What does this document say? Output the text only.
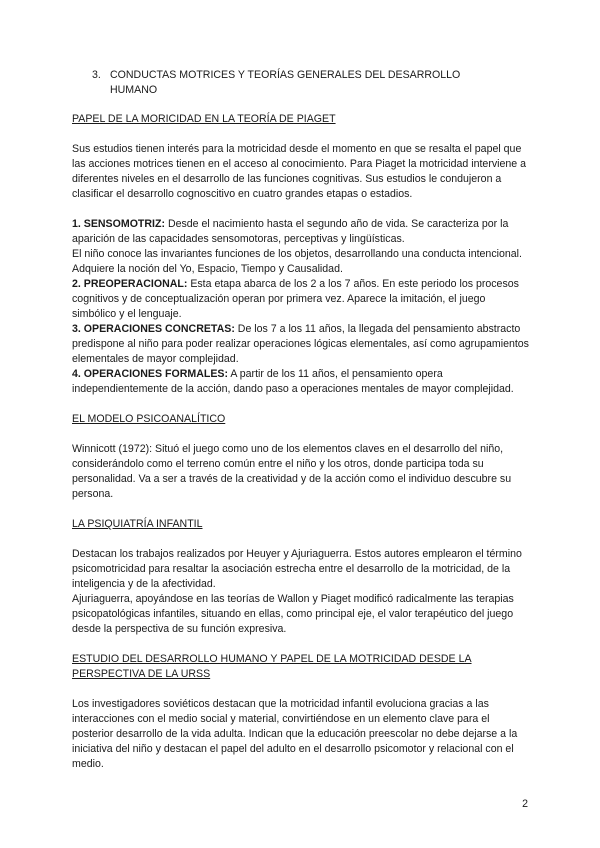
3. CONDUCTAS MOTRICES Y TEORÍAS GENERALES DEL DESARROLLO HUMANO

PAPEL DE LA MORICIDAD EN LA TEORÍA DE PIAGET

Sus estudios tienen interés para la motricidad desde el momento en que se resalta el papel que las acciones motrices tienen en el acceso al conocimiento. Para Piaget la motricidad interviene a diferentes niveles en el desarrollo de las funciones cognitivas. Sus estudios le condujeron a clasificar el desarrollo cognoscitivo en cuatro grandes etapas o estadios.

1. SENSOMOTRIZ: Desde el nacimiento hasta el segundo año de vida. Se caracteriza por la aparición de las capacidades sensomotoras, perceptivas y lingüísticas.

El niño conoce las invariantes funciones de los objetos, desarrollando una conducta intencional. Adquiere la noción del Yo, Espacio, Tiempo y Causalidad.

2. PREOPERACIONAL: Esta etapa abarca de los 2 a los 7 años. En este periodo los procesos cognitivos y de conceptualización operan por primera vez. Aparece la imitación, el juego simbólico y el lenguaje.

3. OPERACIONES CONCRETAS: De los 7 a los 11 años, la llegada del pensamiento abstracto predispone al niño para poder realizar operaciones lógicas elementales, así como agrupamientos elementales de mayor complejidad.

4. OPERACIONES FORMALES: A partir de los 11 años, el pensamiento opera independientemente de la acción, dando paso a operaciones mentales de mayor complejidad.

EL MODELO PSICOANALÍTICO

Winnicott (1972): Situó el juego como uno de los elementos claves en el desarrollo del niño, considerándolo como el terreno común entre el niño y los otros, donde participa toda su personalidad. Va a ser a través de la creatividad y de la acción como el individuo descubre su persona.

LA PSIQUIATRÍA INFANTIL

Destacan los trabajos realizados por Heuyer y Ajuriaguerra. Estos autores emplearon el término psicomotricidad para resaltar la asociación estrecha entre el desarrollo de la motricidad, de la inteligencia y de la afectividad.

Ajuriaguerra, apoyándose en las teorías de Wallon y Piaget modificó radicalmente las terapias psicopatológicas infantiles, situando en ellas, como principal eje, el valor terapéutico del juego desde la perspectiva de su función expresiva.

ESTUDIO DEL DESARROLLO HUMANO Y PAPEL DE LA MOTRICIDAD DESDE LA PERSPECTIVA DE LA URSS

Los investigadores soviéticos destacan que la motricidad infantil evoluciona gracias a las interacciones con el medio social y material, convirtiéndose en un elemento clave para el posterior desarrollo de la vida adulta. Indican que la educación preescolar no debe dejarse a la iniciativa del niño y destacan el papel del adulto en el desarrollo psicomotor y relacional con el medio.

2
